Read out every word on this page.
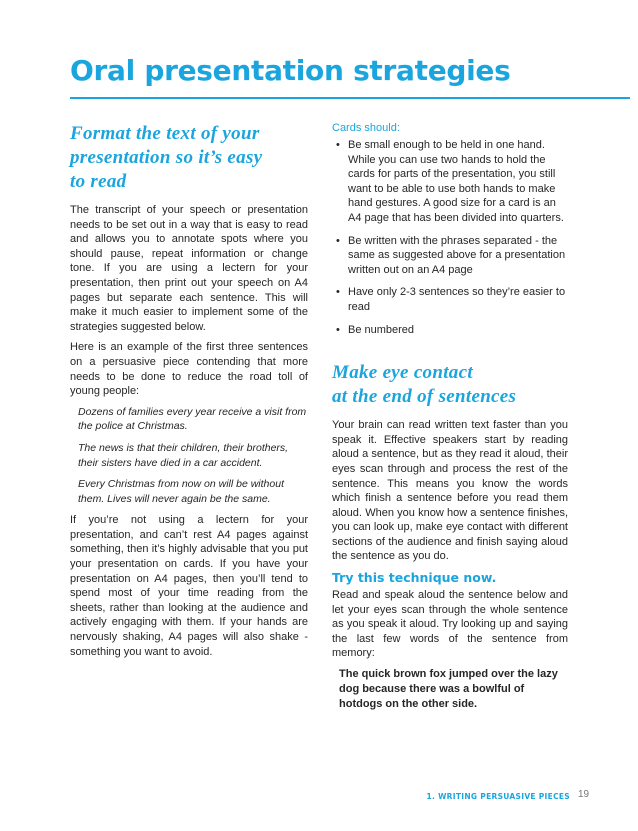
Oral presentation strategies
Format the text of your
presentation so it’s easy
to read

The transcript of your speech or presentation needs to be set out in a way that is easy to read and allows you to annotate spots where you should pause, repeat information or change tone. If you are using a lectern for your presentation, then print out your speech on A4 pages but separate each sentence. This will make it much easier to implement some of the strategies suggested below.

Here is an example of the first three sentences on a persuasive piece contending that more needs to be done to reduce the road toll of young people:

Dozens of families every year receive a visit from the police at Christmas.

The news is that their children, their brothers, their sisters have died in a car accident.

Every Christmas from now on will be without them. Lives will never again be the same.

If you’re not using a lectern for your presentation, and can’t rest A4 pages against something, then it’s highly advisable that you put your presentation on cards. If you have your presentation on A4 pages, then you’ll tend to spend most of your time reading from the sheets, rather than looking at the audience and actively engaging with them. If your hands are nervously shaking, A4 pages will also shake - something you want to avoid.

Cards should:
• Be small enough to be held in one hand. While you can use two hands to hold the cards for parts of the presentation, you still want to be able to use both hands to make hand gestures. A good size for a card is an A4 page that has been divided into quarters.
• Be written with the phrases separated - the same as suggested above for a presentation written out on an A4 page
• Have only 2-3 sentences so they’re easier to read
• Be numbered
Make eye contact
at the end of sentences

Your brain can read written text faster than you speak it. Effective speakers start by reading aloud a sentence, but as they read it aloud, their eyes scan through and process the rest of the sentence. This means you know the words which finish a sentence before you read them aloud. When you know how a sentence finishes, you can look up, make eye contact with different sections of the audience and finish saying aloud the sentence as you do.

Try this technique now.

Read and speak aloud the sentence below and let your eyes scan through the whole sentence as you speak it aloud. Try looking up and saying the last few words of the sentence from memory:

The quick brown fox jumped over the lazy dog because there was a bowlful of hotdogs on the other side.
1. WRITING PERSUASIVE PIECES 19
